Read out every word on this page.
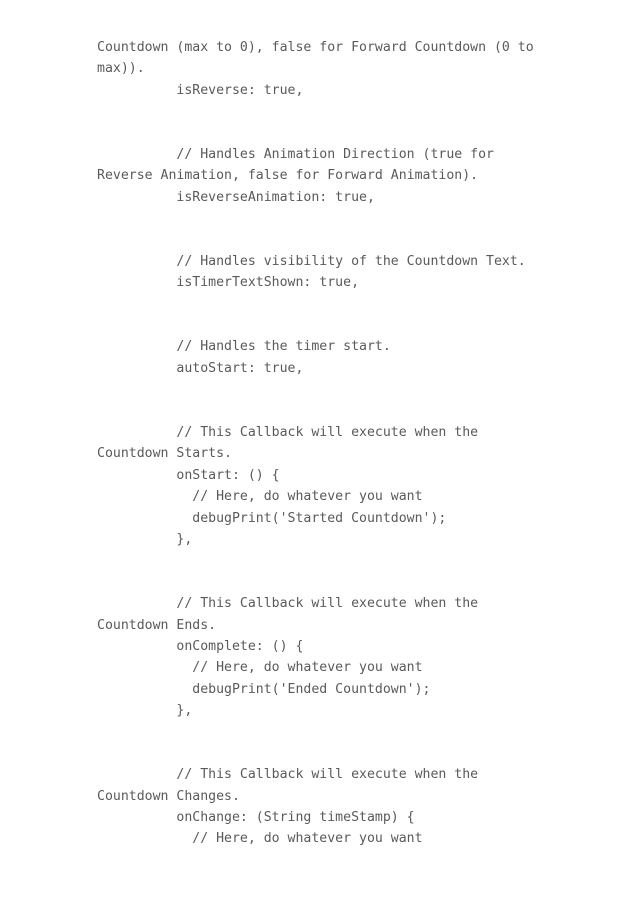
Countdown (max to 0), false for Forward Countdown (0 to
max)).
isReverse: true,
// Handles Animation Direction (true for
Reverse Animation, false for Forward Animation).
isReverseAnimation: true,
// Handles visibility of the Countdown Text.
isTimerTextShown: true,
// Handles the timer start.
autoStart: true,
// This Callback will execute when the
Countdown Starts.
onStart: () {
// Here, do whatever you want
debugPrint('Started Countdown');
},
// This Callback will execute when the
Countdown Ends.
onComplete: () {
// Here, do whatever you want
debugPrint('Ended Countdown');
},
// This Callback will execute when the
Countdown Changes.
onChange: (String timeStamp) {
// Here, do whatever you want
